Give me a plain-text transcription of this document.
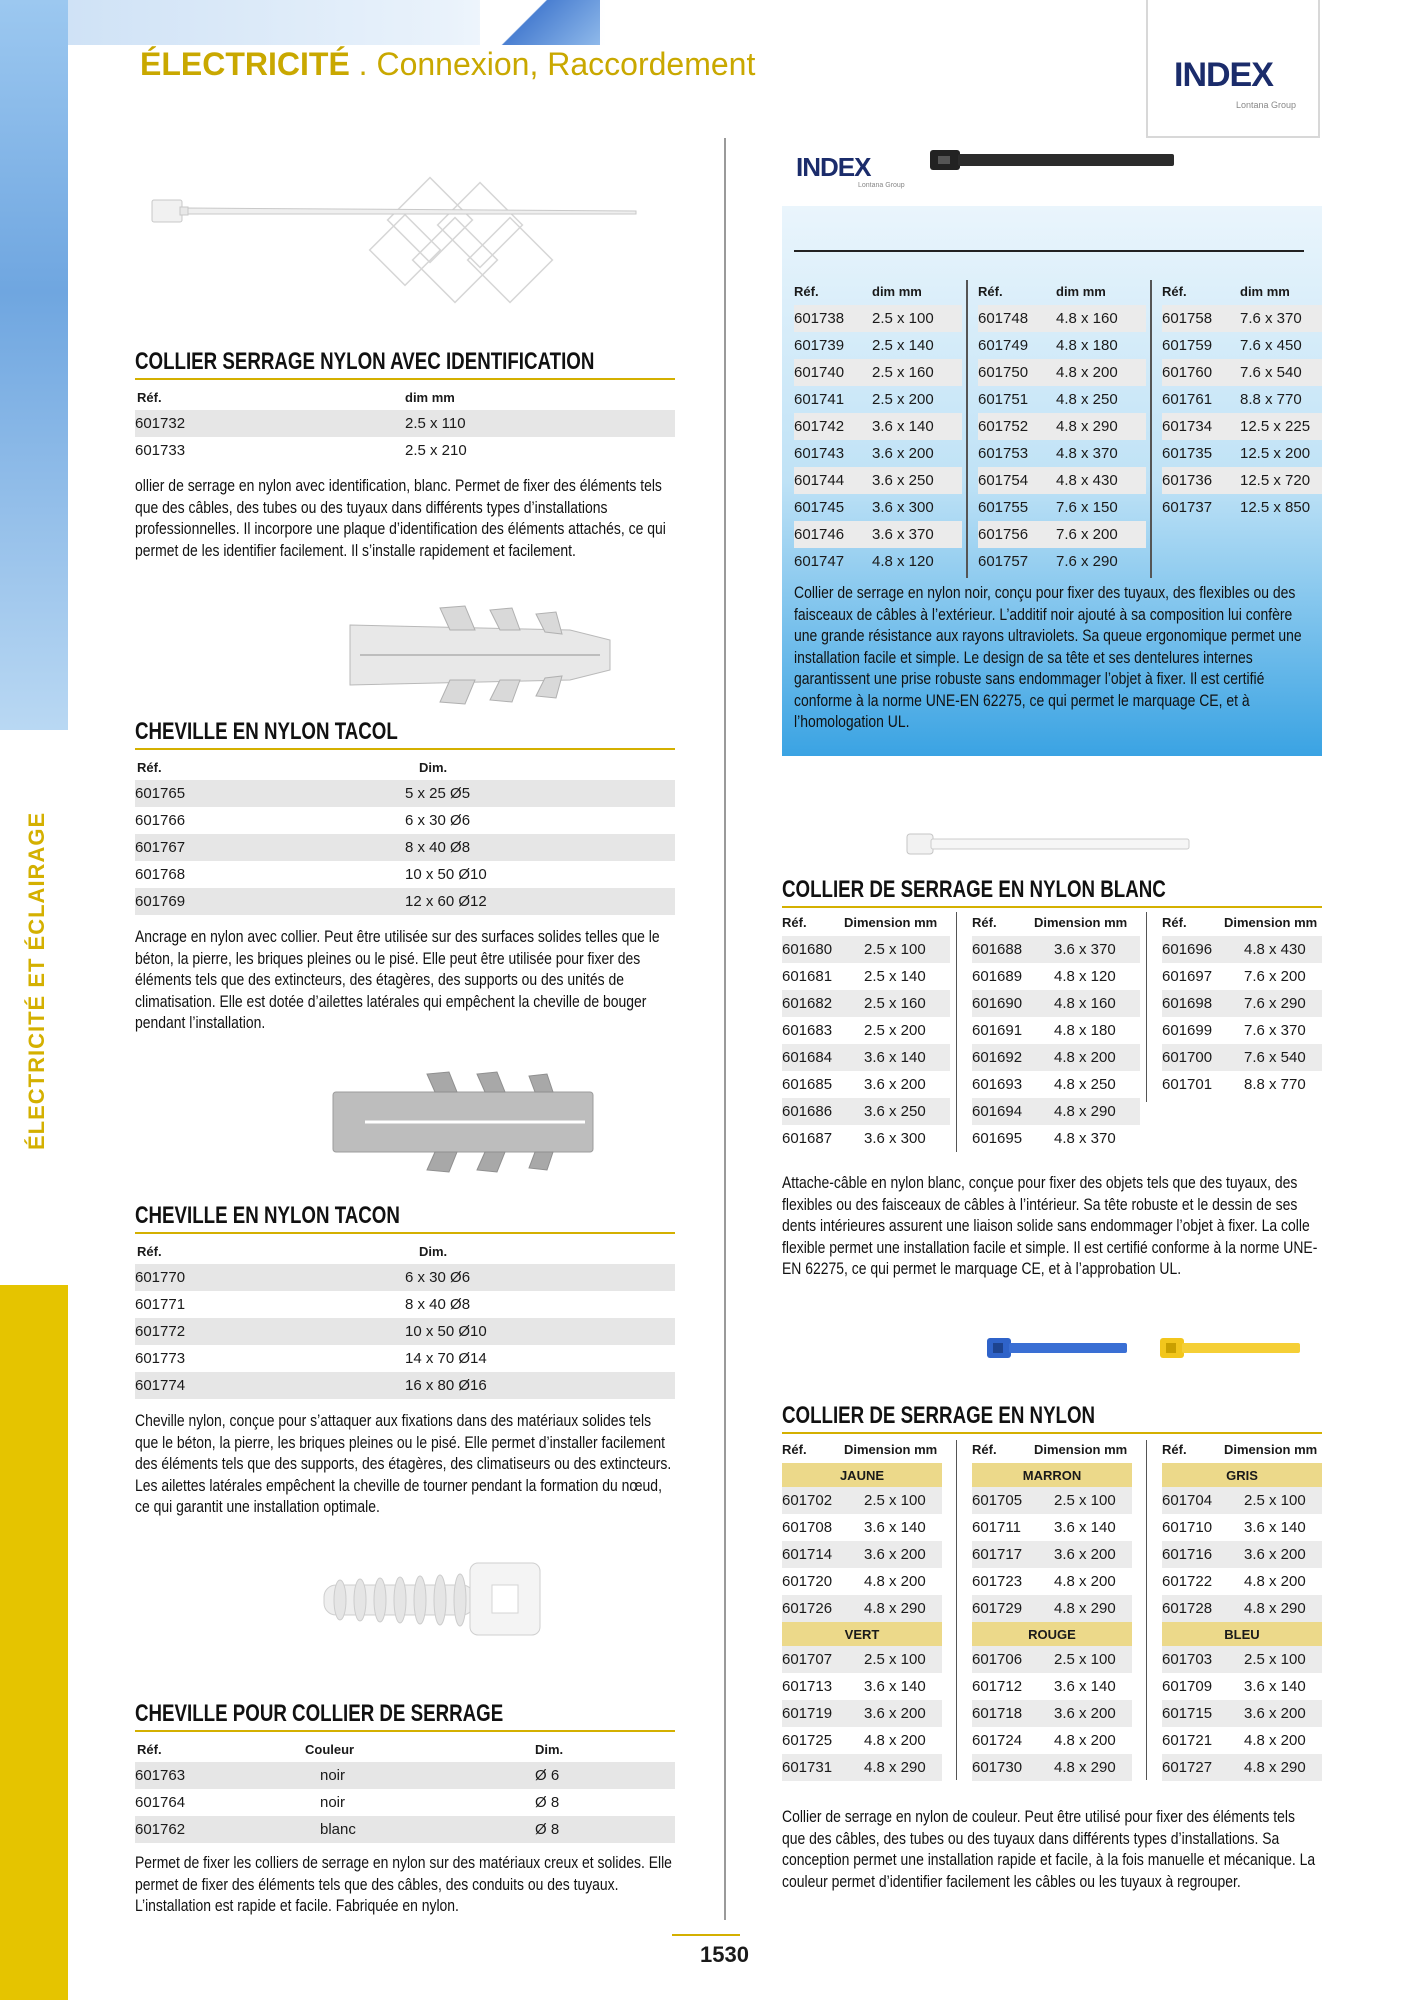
ÉLECTRICITÉ ET ÉCLAIRAGE
ÉLECTRICITÉ . Connexion, Raccordement	INDEX
Lontana Group
COLLIER SERRAGE NYLON AVEC IDENTIFICATION
Réf.	dim mm
601732	2.5 x 110
601733	2.5 x 210
ollier de serrage en nylon avec identification, blanc. Permet de fixer des éléments tels que des câbles, des tubes ou des tuyaux dans différents types d’installations professionnelles. Il incorpore une plaque d’identification des éléments attachés, ce qui permet de les identifier facilement. Il s’installe rapidement et facilement.
CHEVILLE EN NYLON TACOL
Réf.	Dim.
601765	5 x 25 Ø5
601766	6 x 30 Ø6
601767	8 x 40 Ø8
601768	10 x 50 Ø10
601769	12 x 60 Ø12
Ancrage en nylon avec collier. Peut être utilisée sur des surfaces solides telles que le béton, la pierre, les briques pleines ou le pisé. Elle peut être utilisée pour fixer des éléments tels que des extincteurs, des étagères, des supports ou des unités de climatisation. Elle est dotée d’ailettes latérales qui empêchent la cheville de bouger pendant l’installation.
CHEVILLE EN NYLON TACON
Réf.	Dim.
601770	6 x 30 Ø6
601771	8 x 40 Ø8
601772	10 x 50 Ø10
601773	14 x 70 Ø14
601774	16 x 80 Ø16
Cheville nylon, conçue pour s’attaquer aux fixations dans des matériaux solides tels que le béton, la pierre, les briques pleines ou le pisé. Elle permet d’installer facilement des éléments tels que des supports, des étagères, des climatiseurs ou des extincteurs. Les ailettes latérales empêchent la cheville de tourner pendant la formation du nœud, ce qui garantit une installation optimale.
CHEVILLE POUR COLLIER DE SERRAGE
Réf.	Couleur	Dim.
601763	noir	Ø 6
601764	noir	Ø 8
601762	blanc	Ø 8
Permet de fixer les colliers de serrage en nylon sur des matériaux creux et solides. Elle permet de fixer des éléments tels que des câbles, des conduits ou des tuyaux. L’installation est rapide et facile. Fabriquée en nylon.
INDEX
Lontana Group
Réf.	dim mm
601738	2.5 x 100
601739	2.5 x 140
601740	2.5 x 160
601741	2.5 x 200
601742	3.6 x 140
601743	3.6 x 200
601744	3.6 x 250
601745	3.6 x 300
601746	3.6 x 370
601747	4.8 x 120
Réf.	dim mm
601748	4.8 x 160
601749	4.8 x 180
601750	4.8 x 200
601751	4.8 x 250
601752	4.8 x 290
601753	4.8 x 370
601754	4.8 x 430
601755	7.6 x 150
601756	7.6 x 200
601757	7.6 x 290
Réf.	dim mm
601758	7.6 x 370
601759	7.6 x 450
601760	7.6 x 540
601761	8.8 x 770
601734	12.5 x 225
601735	12.5 x 200
601736	12.5 x 720
601737	12.5 x 850
Collier de serrage en nylon noir, conçu pour fixer des tuyaux, des flexibles ou des faisceaux de câbles à l’extérieur. L’additif noir ajouté à sa composition lui confère une grande résistance aux rayons ultraviolets. Sa queue ergonomique permet une installation facile et simple. Le design de sa tête et ses dentelures internes garantissent une prise robuste sans endommager l’objet à fixer. Il est certifié conforme à la norme UNE-EN 62275, ce qui permet le marquage CE, et à l’homologation UL.
COLLIER DE SERRAGE EN NYLON BLANC
Réf.	Dimension mm
601680	2.5 x 100
601681	2.5 x 140
601682	2.5 x 160
601683	2.5 x 200
601684	3.6 x 140
601685	3.6 x 200
601686	3.6 x 250
601687	3.6 x 300
Réf.	Dimension mm
601688	3.6 x 370
601689	4.8 x 120
601690	4.8 x 160
601691	4.8 x 180
601692	4.8 x 200
601693	4.8 x 250
601694	4.8 x 290
601695	4.8 x 370
Réf.	Dimension mm
601696	4.8 x 430
601697	7.6 x 200
601698	7.6 x 290
601699	7.6 x 370
601700	7.6 x 540
601701	8.8 x 770
Attache-câble en nylon blanc, conçue pour fixer des objets tels que des tuyaux, des flexibles ou des faisceaux de câbles à l’intérieur. Sa tête robuste et le dessin de ses dents intérieures assurent une liaison solide sans endommager l’objet à fixer. La colle flexible permet une installation facile et simple. Il est certifié conforme à la norme UNE-EN 62275, ce qui permet le marquage CE, et à l’approbation UL.
COLLIER DE SERRAGE EN NYLON
Réf.	Dimension mm
JAUNE	
601702	2.5 x 100
601708	3.6 x 140
601714	3.6 x 200
601720	4.8 x 200
601726	4.8 x 290
VERT	
601707	2.5 x 100
601713	3.6 x 140
601719	3.6 x 200
601725	4.8 x 200
601731	4.8 x 290
Réf.	Dimension mm
MARRON	
601705	2.5 x 100
601711	3.6 x 140
601717	3.6 x 200
601723	4.8 x 200
601729	4.8 x 290
ROUGE	
601706	2.5 x 100
601712	3.6 x 140
601718	3.6 x 200
601724	4.8 x 200
601730	4.8 x 290
Réf.	Dimension mm
GRIS	
601704	2.5 x 100
601710	3.6 x 140
601716	3.6 x 200
601722	4.8 x 200
601728	4.8 x 290
BLEU	
601703	2.5 x 100
601709	3.6 x 140
601715	3.6 x 200
601721	4.8 x 200
601727	4.8 x 290
Collier de serrage en nylon de couleur. Peut être utilisé pour fixer des éléments tels que des câbles, des tubes ou des tuyaux dans différents types d’installations. Sa conception permet une installation rapide et facile, à la fois manuelle et mécanique. La couleur permet d’identifier facilement les câbles ou les tuyaux à regrouper.
1530
